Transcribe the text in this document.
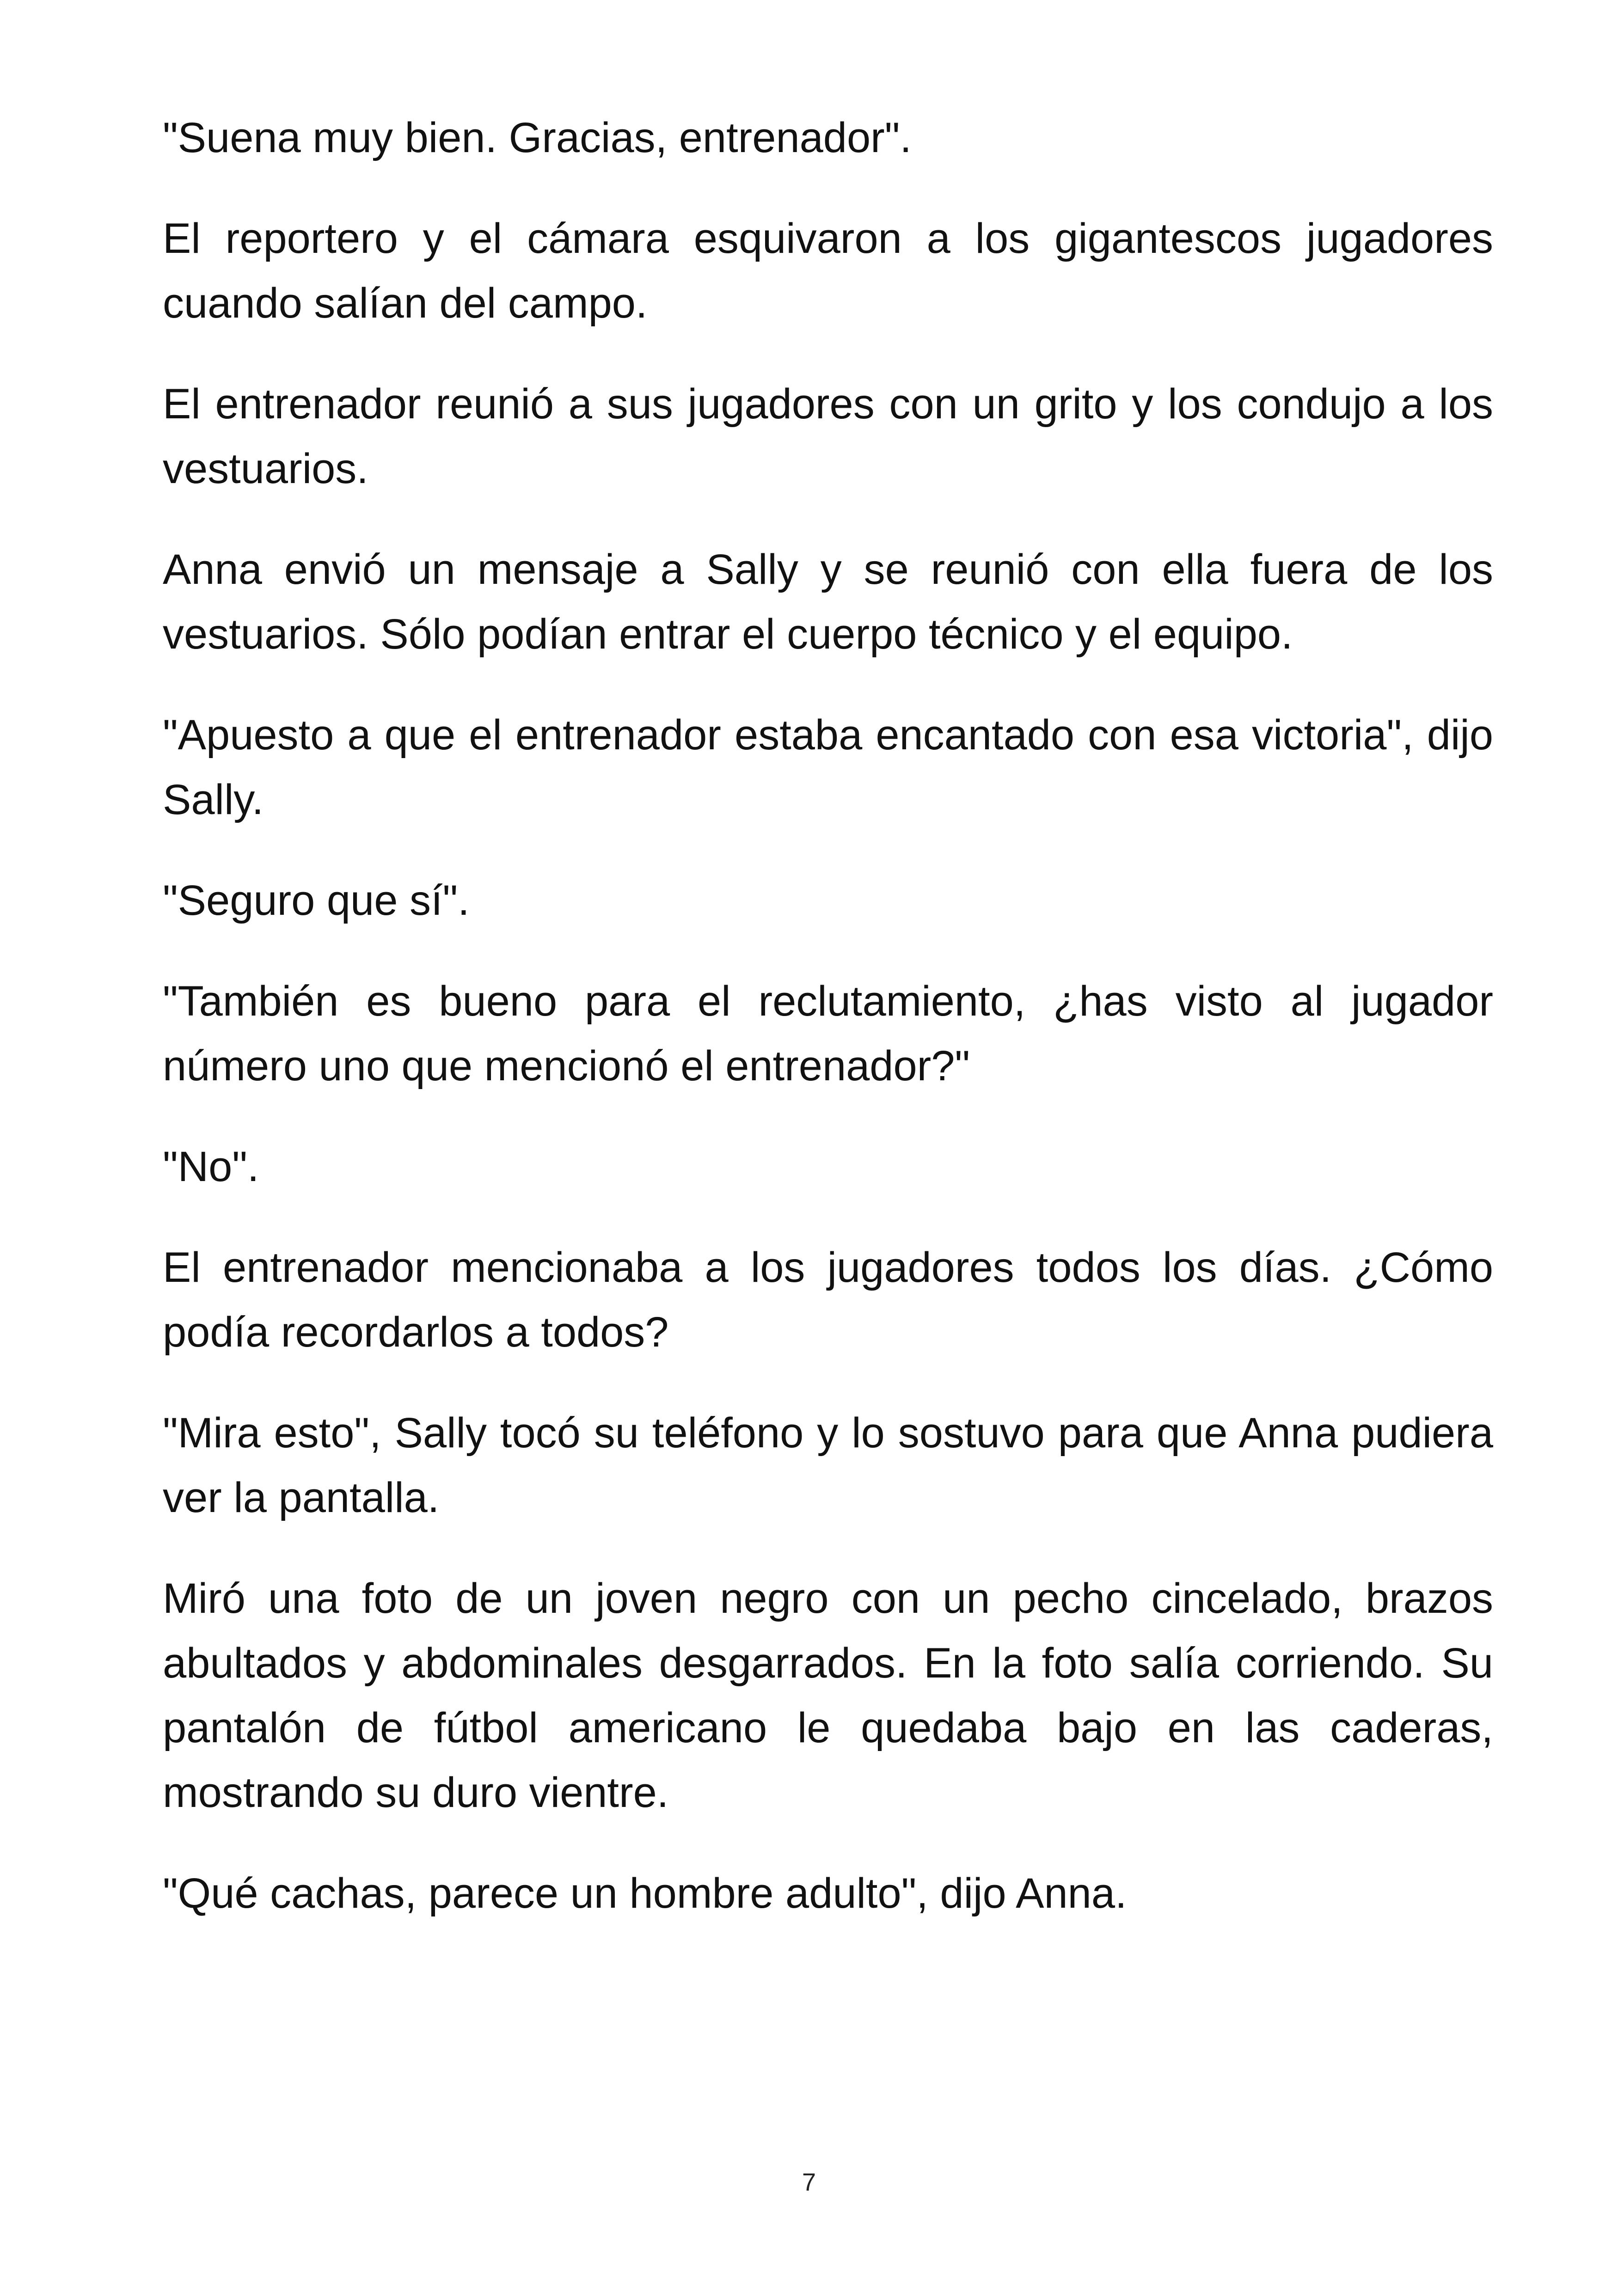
"Suena muy bien. Gracias, entrenador".

El reportero y el cámara esquivaron a los gigantescos jugadores cuando salían del campo.

El entrenador reunió a sus jugadores con un grito y los condujo a los vestuarios.

Anna envió un mensaje a Sally y se reunió con ella fuera de los vestuarios. Sólo podían entrar el cuerpo técnico y el equipo.

"Apuesto a que el entrenador estaba encantado con esa victoria", dijo Sally.

"Seguro que sí".

"También es bueno para el reclutamiento, ¿has visto al jugador número uno que mencionó el entrenador?"

"No".

El entrenador mencionaba a los jugadores todos los días. ¿Cómo podía recordarlos a todos?

"Mira esto", Sally tocó su teléfono y lo sostuvo para que Anna pudiera ver la pantalla.

Miró una foto de un joven negro con un pecho cincelado, brazos abultados y abdominales desgarrados. En la foto salía corriendo. Su pantalón de fútbol americano le quedaba bajo en las caderas, mostrando su duro vientre.

"Qué cachas, parece un hombre adulto", dijo Anna.

7
